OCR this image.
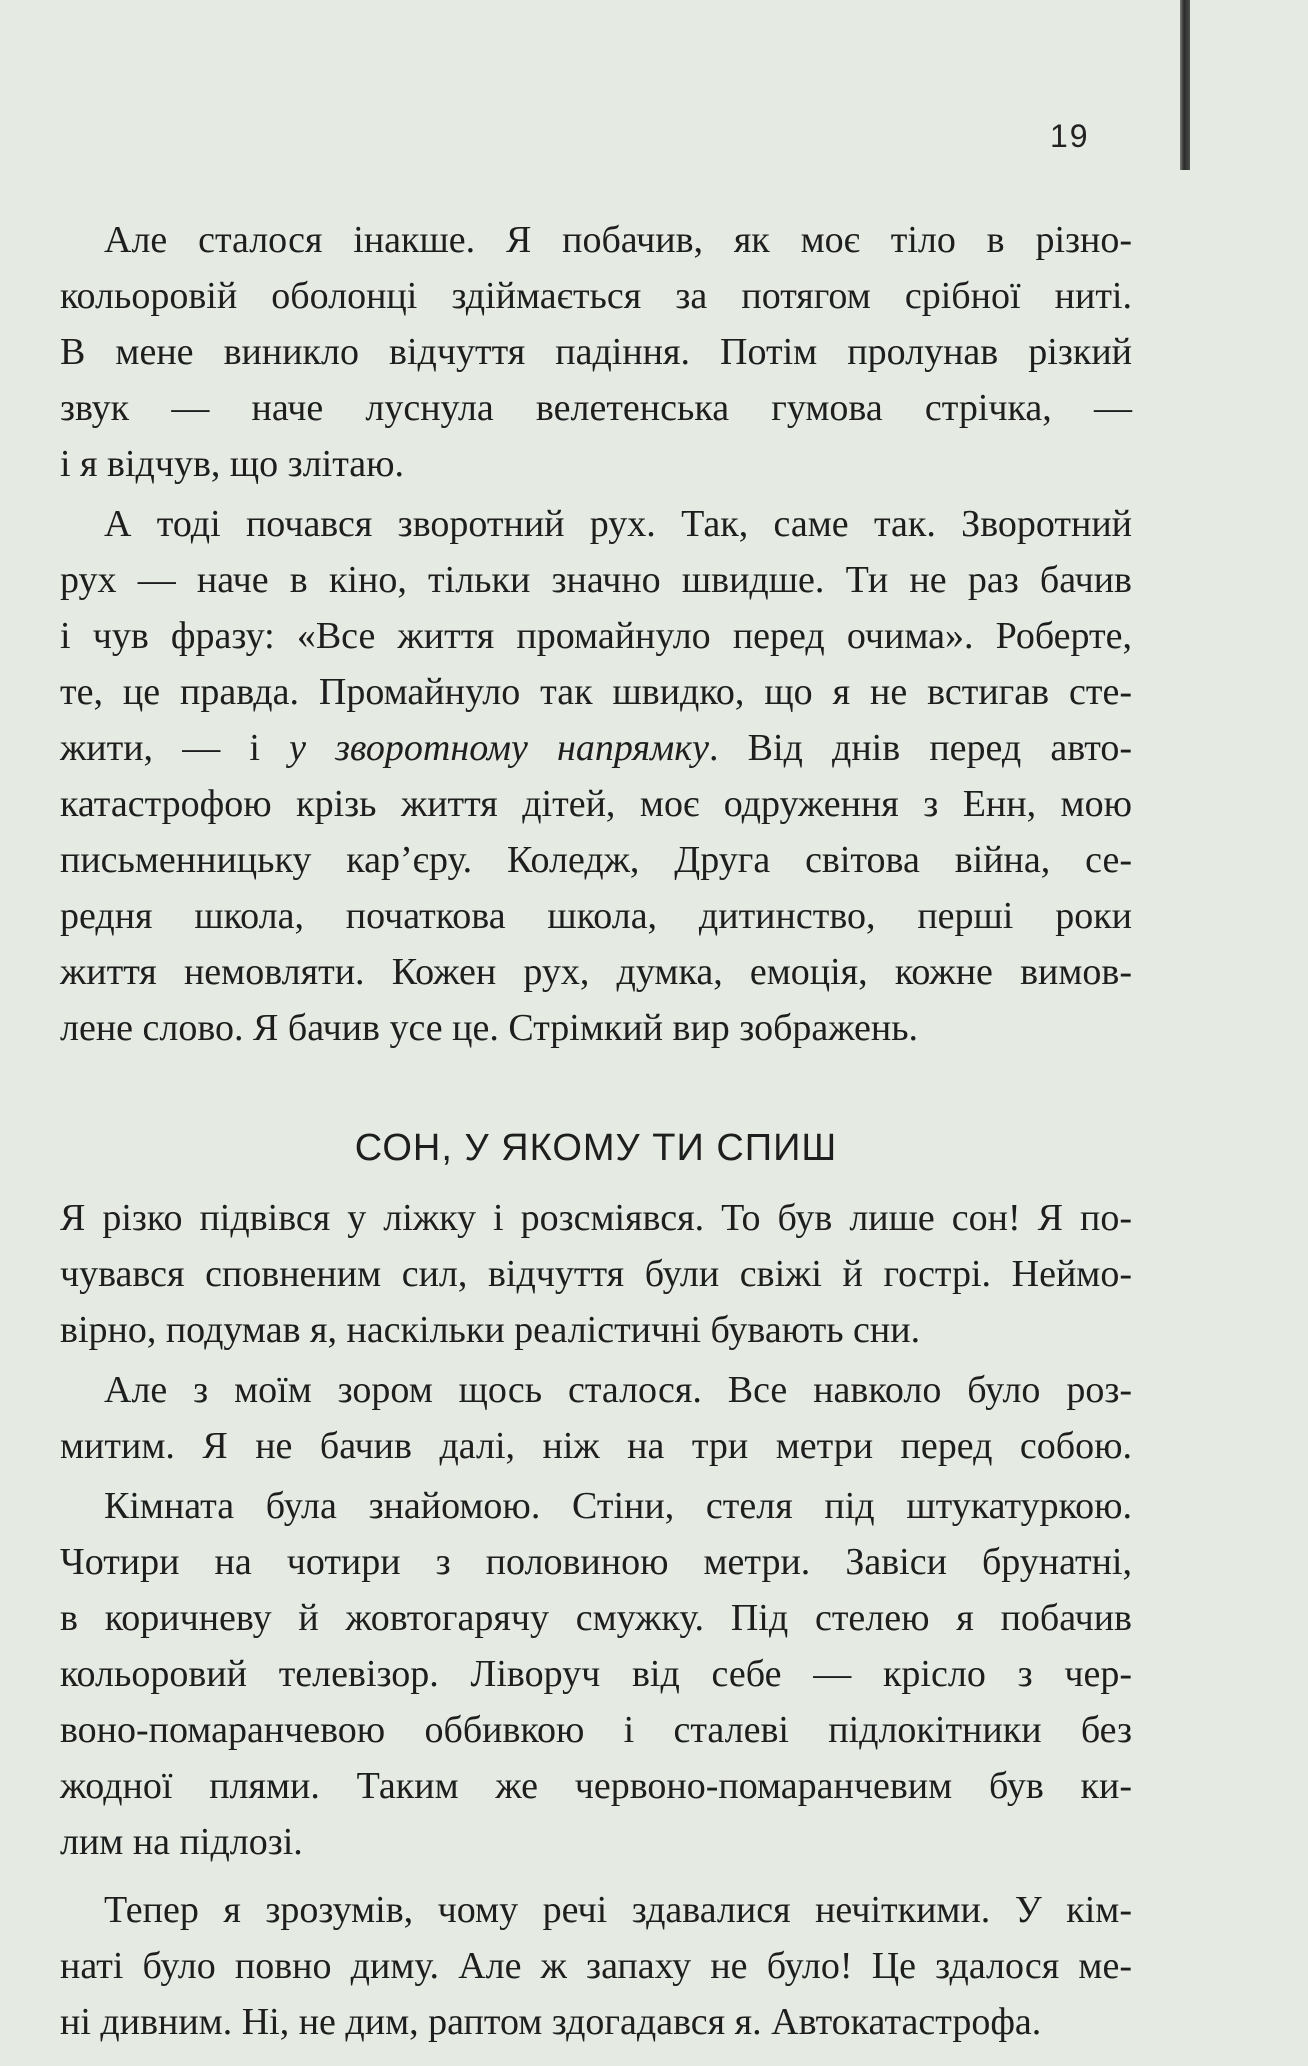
19
Але сталося інакше. Я побачив, як моє тіло в різно-
кольоровій оболонці здіймається за потягом срібної ниті.
В мене виникло відчуття падіння. Потім пролунав різкий
звук — наче луснула велетенська гумова стрічка, —
і я відчув, що злітаю.
А тоді почався зворотний рух. Так, саме так. Зворотний
рух — наче в кіно, тільки значно швидше. Ти не раз бачив
і чув фразу: «Все життя промайнуло перед очима». Роберте,
те, це правда. Промайнуло так швидко, що я не встигав сте-
жити, — і у зворотному напрямку. Від днів перед авто-
катастрофою крізь життя дітей, моє одруження з Енн, мою
письменницьку кар’єру. Коледж, Друга світова війна, се-
редня школа, початкова школа, дитинство, перші роки
життя немовляти. Кожен рух, думка, емоція, кожне вимов-
лене слово. Я бачив усе це. Стрімкий вир зображень.
СОН, У ЯКОМУ ТИ СПИШ
Я різко підвівся у ліжку і розсміявся. То був лише сон! Я по-
чувався сповненим сил, відчуття були свіжі й гострі. Неймо-
вірно, подумав я, наскільки реалістичні бувають сни.
Але з моїм зором щось сталося. Все навколо було роз-
митим. Я не бачив далі, ніж на три метри перед собою.
Кімната була знайомою. Стіни, стеля під штукатуркою.
Чотири на чотири з половиною метри. Завіси брунатні,
в коричневу й жовтогарячу смужку. Під стелею я побачив
кольоровий телевізор. Ліворуч від себе — крісло з чер-
воно-помаранчевою оббивкою і сталеві підлокітники без
жодної плями. Таким же червоно-помаранчевим був ки-
лим на підлозі.
Тепер я зрозумів, чому речі здавалися нечіткими. У кім-
наті було повно диму. Але ж запаху не було! Це здалося ме-
ні дивним. Ні, не дим, раптом здогадався я. Автокатастрофа.
